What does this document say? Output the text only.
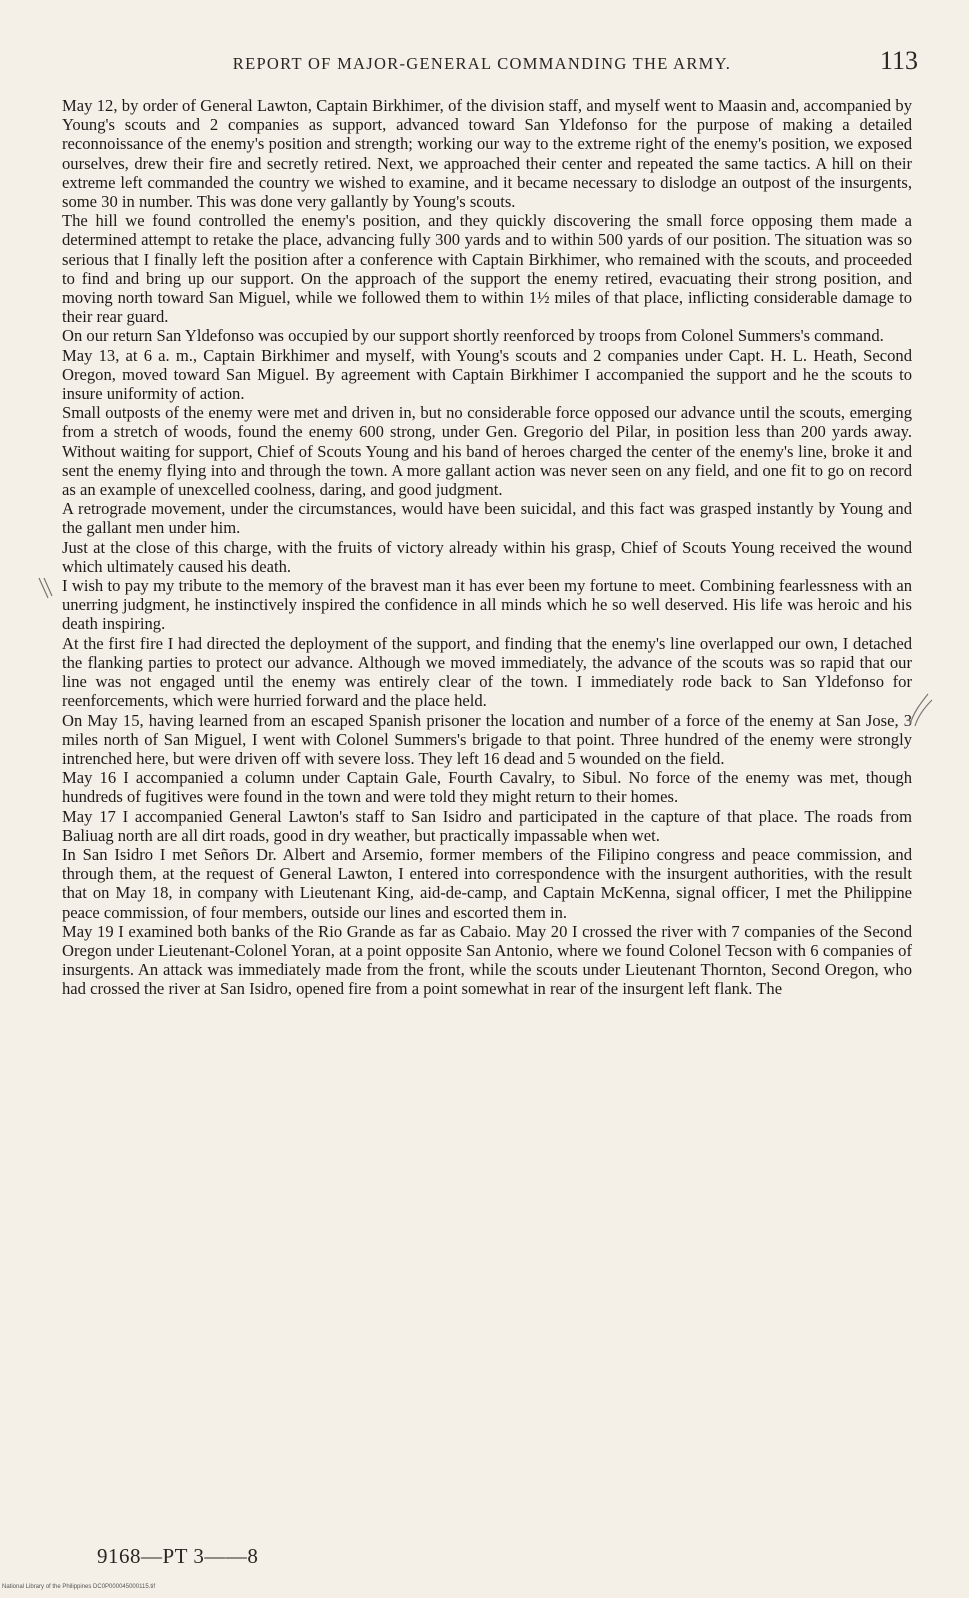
REPORT OF MAJOR-GENERAL COMMANDING THE ARMY.	113

May 12, by order of General Lawton, Captain Birkhimer, of the division staff, and myself went to Maasin and, accompanied by Young's scouts and 2 companies as support, advanced toward San Yldefonso for the purpose of making a detailed reconnoissance of the enemy's position and strength; working our way to the extreme right of the enemy's position, we exposed ourselves, drew their fire and secretly retired. Next, we approached their center and repeated the same tactics. A hill on their extreme left commanded the country we wished to examine, and it became necessary to dislodge an outpost of the insurgents, some 30 in number. This was done very gallantly by Young's scouts.

The hill we found controlled the enemy's position, and they quickly discovering the small force opposing them made a determined attempt to retake the place, advancing fully 300 yards and to within 500 yards of our position. The situation was so serious that I finally left the position after a conference with Captain Birkhimer, who remained with the scouts, and proceeded to find and bring up our support. On the approach of the support the enemy retired, evacuating their strong position, and moving north toward San Miguel, while we followed them to within 1½ miles of that place, inflicting considerable damage to their rear guard.

On our return San Yldefonso was occupied by our support shortly reenforced by troops from Colonel Summers's command.

May 13, at 6 a. m., Captain Birkhimer and myself, with Young's scouts and 2 companies under Capt. H. L. Heath, Second Oregon, moved toward San Miguel. By agreement with Captain Birkhimer I accompanied the support and he the scouts to insure uniformity of action.

Small outposts of the enemy were met and driven in, but no considerable force opposed our advance until the scouts, emerging from a stretch of woods, found the enemy 600 strong, under Gen. Gregorio del Pilar, in position less than 200 yards away. Without waiting for support, Chief of Scouts Young and his band of heroes charged the center of the enemy's line, broke it and sent the enemy flying into and through the town. A more gallant action was never seen on any field, and one fit to go on record as an example of unexcelled coolness, daring, and good judgment.

A retrograde movement, under the circumstances, would have been suicidal, and this fact was grasped instantly by Young and the gallant men under him.

Just at the close of this charge, with the fruits of victory already within his grasp, Chief of Scouts Young received the wound which ultimately caused his death.

I wish to pay my tribute to the memory of the bravest man it has ever been my fortune to meet. Combining fearlessness with an unerring judgment, he instinctively inspired the confidence in all minds which he so well deserved. His life was heroic and his death inspiring.

At the first fire I had directed the deployment of the support, and finding that the enemy's line overlapped our own, I detached the flanking parties to protect our advance. Although we moved immediately, the advance of the scouts was so rapid that our line was not engaged until the enemy was entirely clear of the town. I immediately rode back to San Yldefonso for reenforcements, which were hurried forward and the place held.

On May 15, having learned from an escaped Spanish prisoner the location and number of a force of the enemy at San Jose, 3 miles north of San Miguel, I went with Colonel Summers's brigade to that point. Three hundred of the enemy were strongly intrenched here, but were driven off with severe loss. They left 16 dead and 5 wounded on the field.

May 16 I accompanied a column under Captain Gale, Fourth Cavalry, to Sibul. No force of the enemy was met, though hundreds of fugitives were found in the town and were told they might return to their homes.

May 17 I accompanied General Lawton's staff to San Isidro and participated in the capture of that place. The roads from Baliuag north are all dirt roads, good in dry weather, but practically impassable when wet.

In San Isidro I met Señors Dr. Albert and Arsemio, former members of the Filipino congress and peace commission, and through them, at the request of General Lawton, I entered into correspondence with the insurgent authorities, with the result that on May 18, in company with Lieutenant King, aid-de-camp, and Captain McKenna, signal officer, I met the Philippine peace commission, of four members, outside our lines and escorted them in.

May 19 I examined both banks of the Rio Grande as far as Cabaio. May 20 I crossed the river with 7 companies of the Second Oregon under Lieutenant-Colonel Yoran, at a point opposite San Antonio, where we found Colonel Tecson with 6 companies of insurgents. An attack was immediately made from the front, while the scouts under Lieutenant Thornton, Second Oregon, who had crossed the river at San Isidro, opened fire from a point somewhat in rear of the insurgent left flank. The

9168—PT 3——8
National Library of the Philippines DC0P000045000115.tif
